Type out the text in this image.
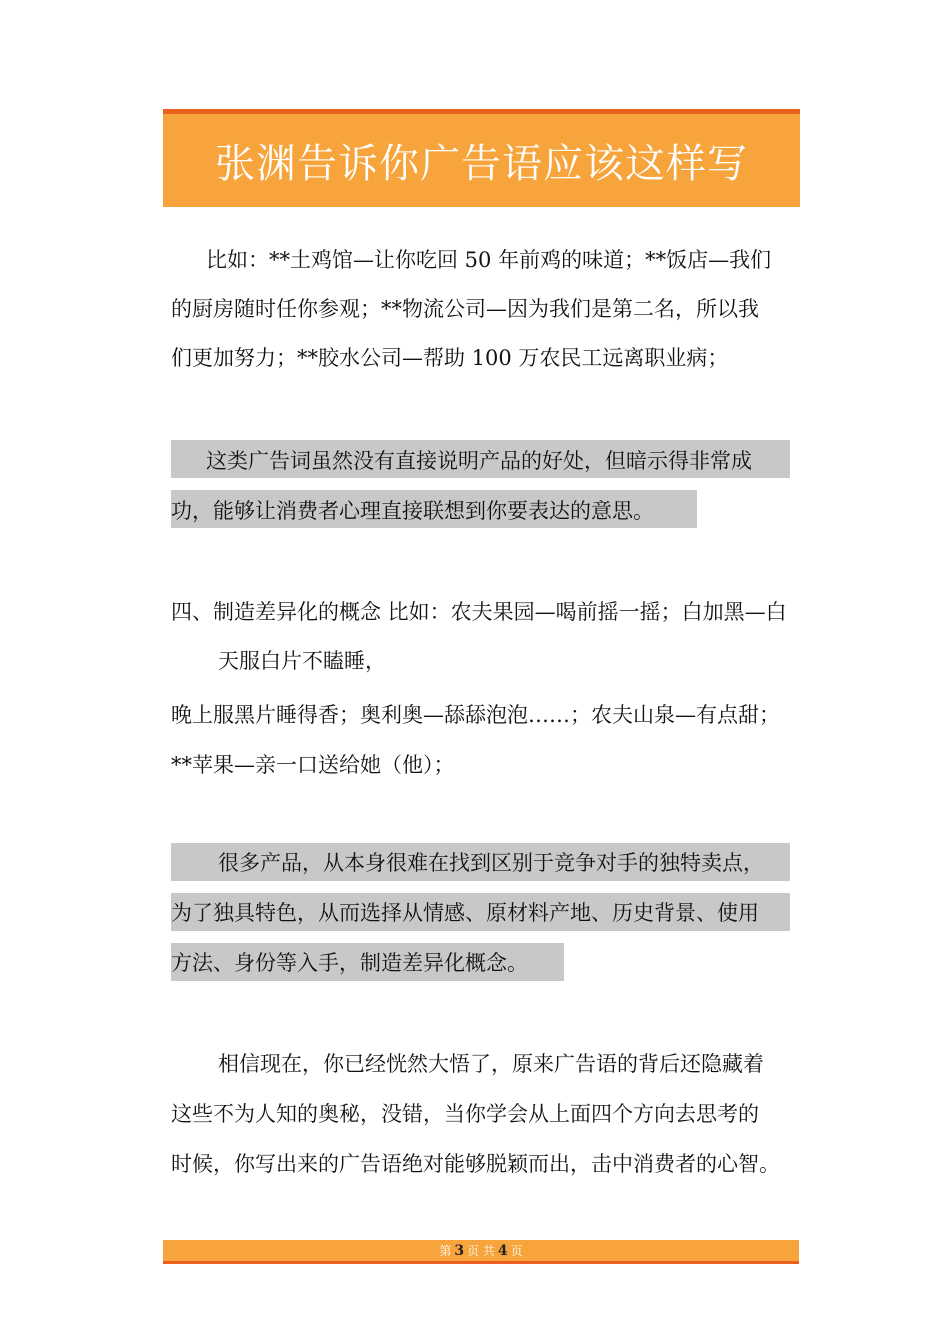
张渊告诉你广告语应该这样写
比如：**土鸡馆—让你吃回 50 年前鸡的味道；**饭店—我们
的厨房随时任你参观；**物流公司—因为我们是第二名，所以我
们更加努力；**胶水公司—帮助 100 万农民工远离职业病；
这类广告词虽然没有直接说明产品的好处，但暗示得非常成
功，能够让消费者心理直接联想到你要表达的意思。
四、制造差异化的概念 比如：农夫果园—喝前摇一摇；白加黑—白
天服白片不瞌睡，
晚上服黑片睡得香；奥利奥—舔舔泡泡……；农夫山泉—有点甜；
**苹果—亲一口送给她（他）；
很多产品，从本身很难在找到区别于竞争对手的独特卖点，
为了独具特色，从而选择从情感、原材料产地、历史背景、使用
方法、身份等入手，制造差异化概念。
相信现在，你已经恍然大悟了，原来广告语的背后还隐藏着
这些不为人知的奥秘，没错，当你学会从上面四个方向去思考的
时候，你写出来的广告语绝对能够脱颖而出，击中消费者的心智。
第 3 页 共 4 页
